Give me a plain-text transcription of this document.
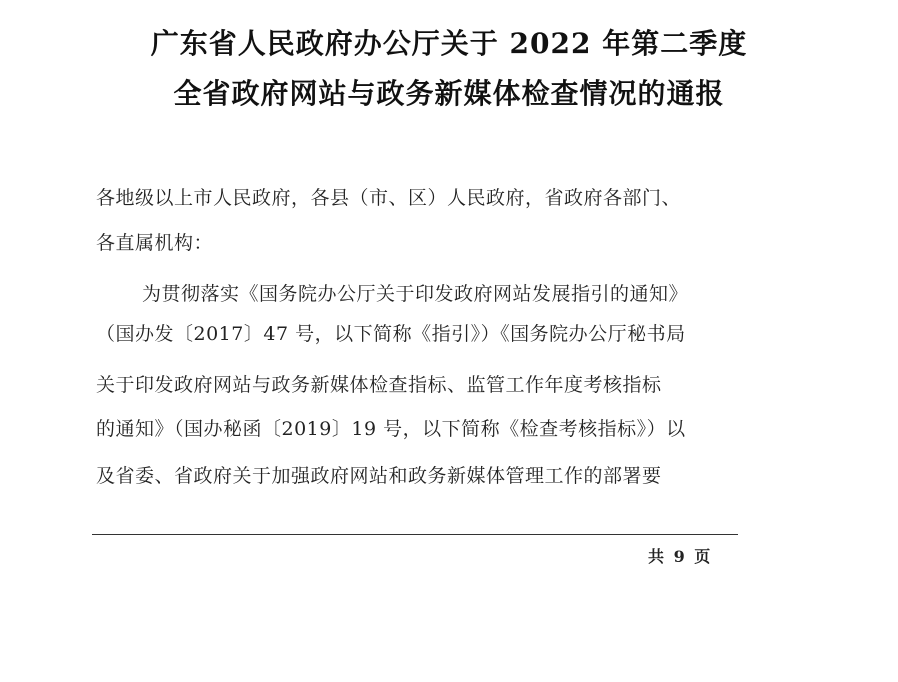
广东省人民政府办公厅关于 2022 年第二季度
全省政府网站与政务新媒体检查情况的通报
各地级以上市人民政府，各县（市、区）人民政府，省政府各部门、
各直属机构：
为贯彻落实《国务院办公厅关于印发政府网站发展指引的通知》
（国办发〔2017〕47 号，以下简称《指引》）《国务院办公厅秘书局
关于印发政府网站与政务新媒体检查指标、监管工作年度考核指标
的通知》（国办秘函〔2019〕19 号，以下简称《检查考核指标》）以
及省委、省政府关于加强政府网站和政务新媒体管理工作的部署要
共 9 页
